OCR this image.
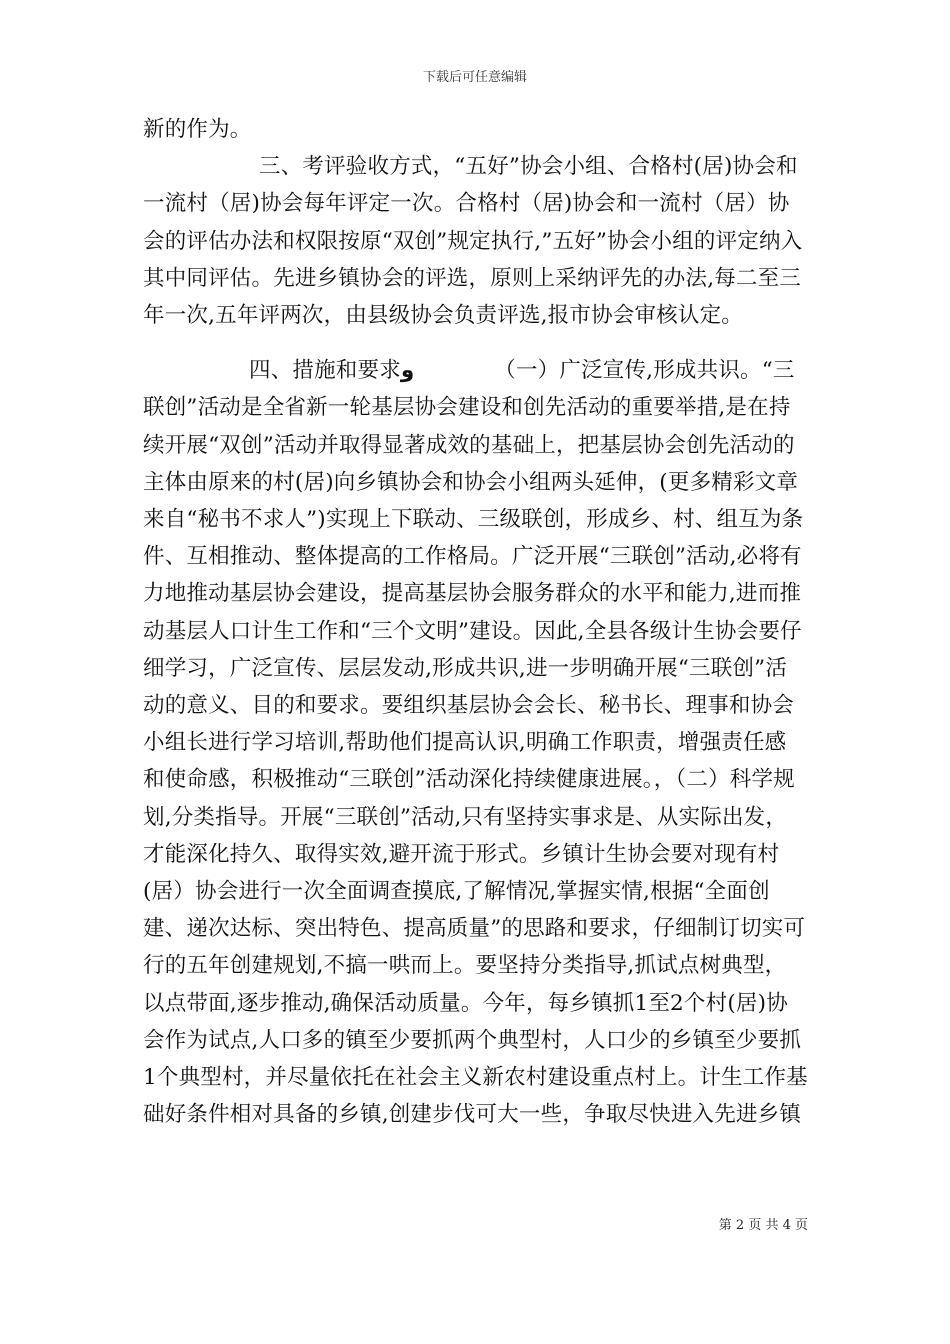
下载后可任意编辑

新的作为。

三、考评验收方式，“五好”协会小组、合格村(居)协会和一流村（居)协会每年评定一次。合格村（居)协会和一流村（居）协会的评估办法和权限按原“双创”规定执行,”五好”协会小组的评定纳入其中同评估。先进乡镇协会的评选，原则上采纳评先的办法,每二至三年一次,五年评两次，由县级协会负责评选,报市协会审核认定。

四、措施和要求و	（一）广泛宣传,形成共识。“三联创”活动是全省新一轮基层协会建设和创先活动的重要举措,是在持续开展“双创”活动并取得显著成效的基础上，把基层协会创先活动的主体由原来的村(居)向乡镇协会和协会小组两头延伸，(更多精彩文章来自“秘书不求人”)实现上下联动、三级联创，形成乡、村、组互为条件、互相推动、整体提高的工作格局。广泛开展“三联创”活动,必将有力地推动基层协会建设，提高基层协会服务群众的水平和能力,进而推动基层人口计生工作和“三个文明”建设。因此,全县各级计生协会要仔细学习，广泛宣传、层层发动,形成共识,进一步明确开展“三联创”活动的意义、目的和要求。要组织基层协会会长、秘书长、理事和协会小组长进行学习培训,帮助他们提高认识,明确工作职责，增强责任感和使命感，积极推动“三联创”活动深化持续健康进展。，（二）科学规划,分类指导。开展“三联创”活动,只有坚持实事求是、从实际出发，才能深化持久、取得实效,避开流于形式。乡镇计生协会要对现有村(居）协会进行一次全面调查摸底,了解情况,掌握实情,根据“全面创建、递次达标、突出特色、提高质量”的思路和要求，仔细制订切实可行的五年创建规划,不搞一哄而上。要坚持分类指导,抓试点树典型，以点带面,逐步推动,确保活动质量。今年，每乡镇抓1至2个村(居)协会作为试点,人口多的镇至少要抓两个典型村，人口少的乡镇至少要抓1个典型村，并尽量依托在社会主义新农村建设重点村上。计生工作基础好条件相对具备的乡镇,创建步伐可大一些，争取尽快进入先进乡镇

第 2 页 共 4 页
